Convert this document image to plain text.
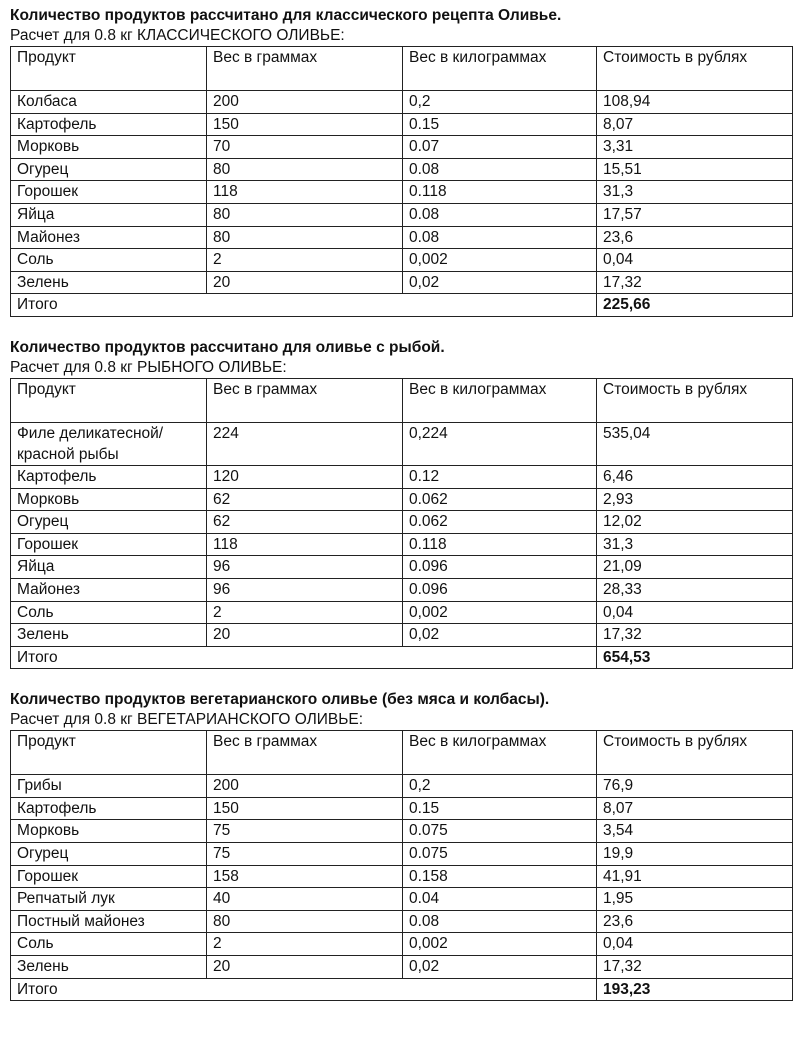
Количество продуктов рассчитано для классического рецепта Оливье.
Расчет для 0.8 кг КЛАССИЧЕСКОГО ОЛИВЬЕ:
Продукт	Вес в граммах	Вес в килограммах	Стоимость в рублях
Колбаса	200	0,2	108,94
Картофель	150	0.15	8,07
Морковь	70	0.07	3,31
Огурец	80	0.08	15,51
Горошек	118	0.118	31,3
Яйца	80	0.08	17,57
Майонез	80	0.08	23,6
Соль	2	0,002	0,04
Зелень	20	0,02	17,32
Итого			225,66
Количество продуктов рассчитано для оливье с рыбой.
Расчет для 0.8 кг РЫБНОГО ОЛИВЬЕ:
Продукт	Вес в граммах	Вес в килограммах	Стоимость в рублях
Филе деликатесной/ красной рыбы	224	0,224	535,04
Картофель	120	0.12	6,46
Морковь	62	0.062	2,93
Огурец	62	0.062	12,02
Горошек	118	0.118	31,3
Яйца	96	0.096	21,09
Майонез	96	0.096	28,33
Соль	2	0,002	0,04
Зелень	20	0,02	17,32
Итого			654,53
Количество продуктов вегетарианского оливье (без мяса и колбасы).
Расчет для 0.8 кг ВЕГЕТАРИАНСКОГО ОЛИВЬЕ:
Продукт	Вес в граммах	Вес в килограммах	Стоимость в рублях
Грибы	200	0,2	76,9
Картофель	150	0.15	8,07
Морковь	75	0.075	3,54
Огурец	75	0.075	19,9
Горошек	158	0.158	41,91
Репчатый лук	40	0.04	1,95
Постный майонез	80	0.08	23,6
Соль	2	0,002	0,04
Зелень	20	0,02	17,32
Итого			193,23
